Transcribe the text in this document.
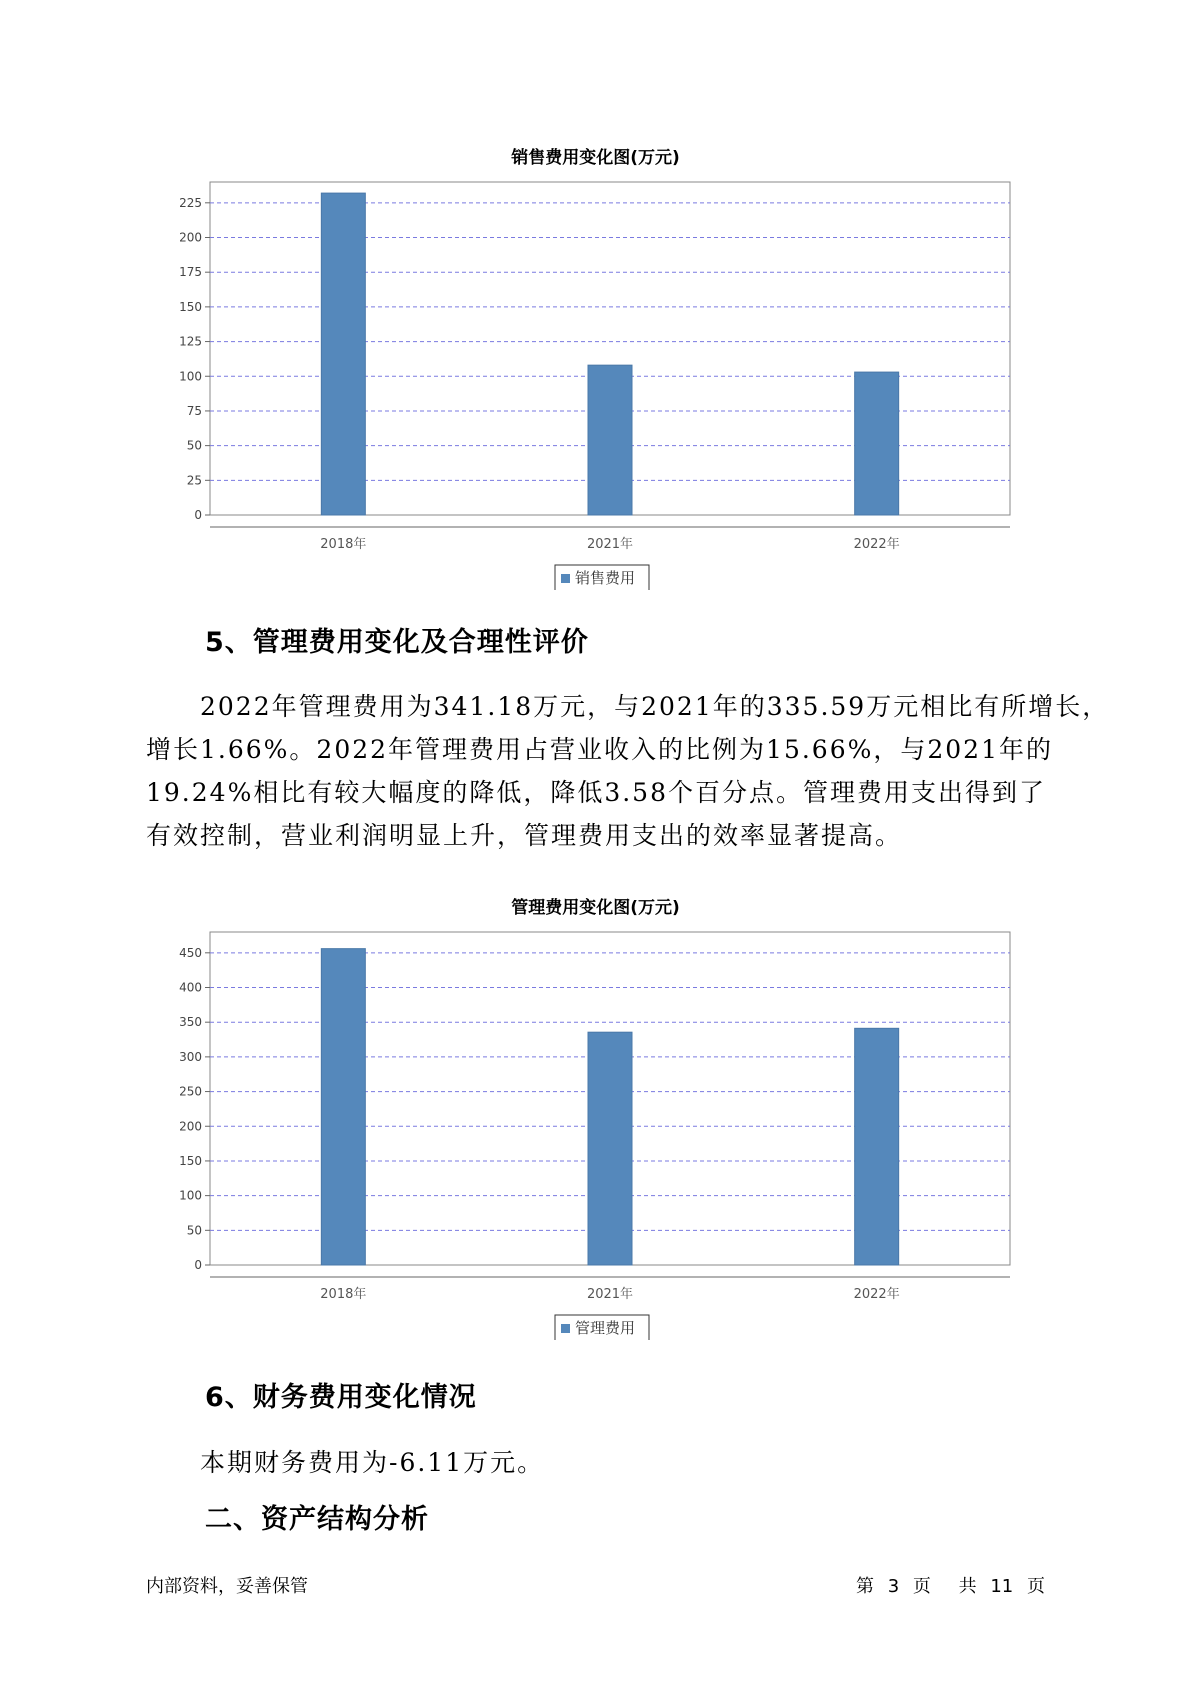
销售费用变化图(万元)
0
25
50
75
100
125
150
175
200
225
2018年	2021年	2022年
销售费用
5、管理费用变化及合理性评价

2022年管理费用为341.18万元，与2021年的335.59万元相比有所增长，

增长1.66%。2022年管理费用占营业收入的比例为15.66%，与2021年的

19.24%相比有较大幅度的降低，降低3.58个百分点。管理费用支出得到了

有效控制，营业利润明显上升，管理费用支出的效率显著提高。

管理费用变化图(万元)
0
50
100
150
200
250
300
350
400
450
2018年	2021年	2022年
管理费用
6、财务费用变化情况

本期财务费用为-6.11万元。

二、资产结构分析
内部资料，妥善保管	第 3 页 共 11 页
